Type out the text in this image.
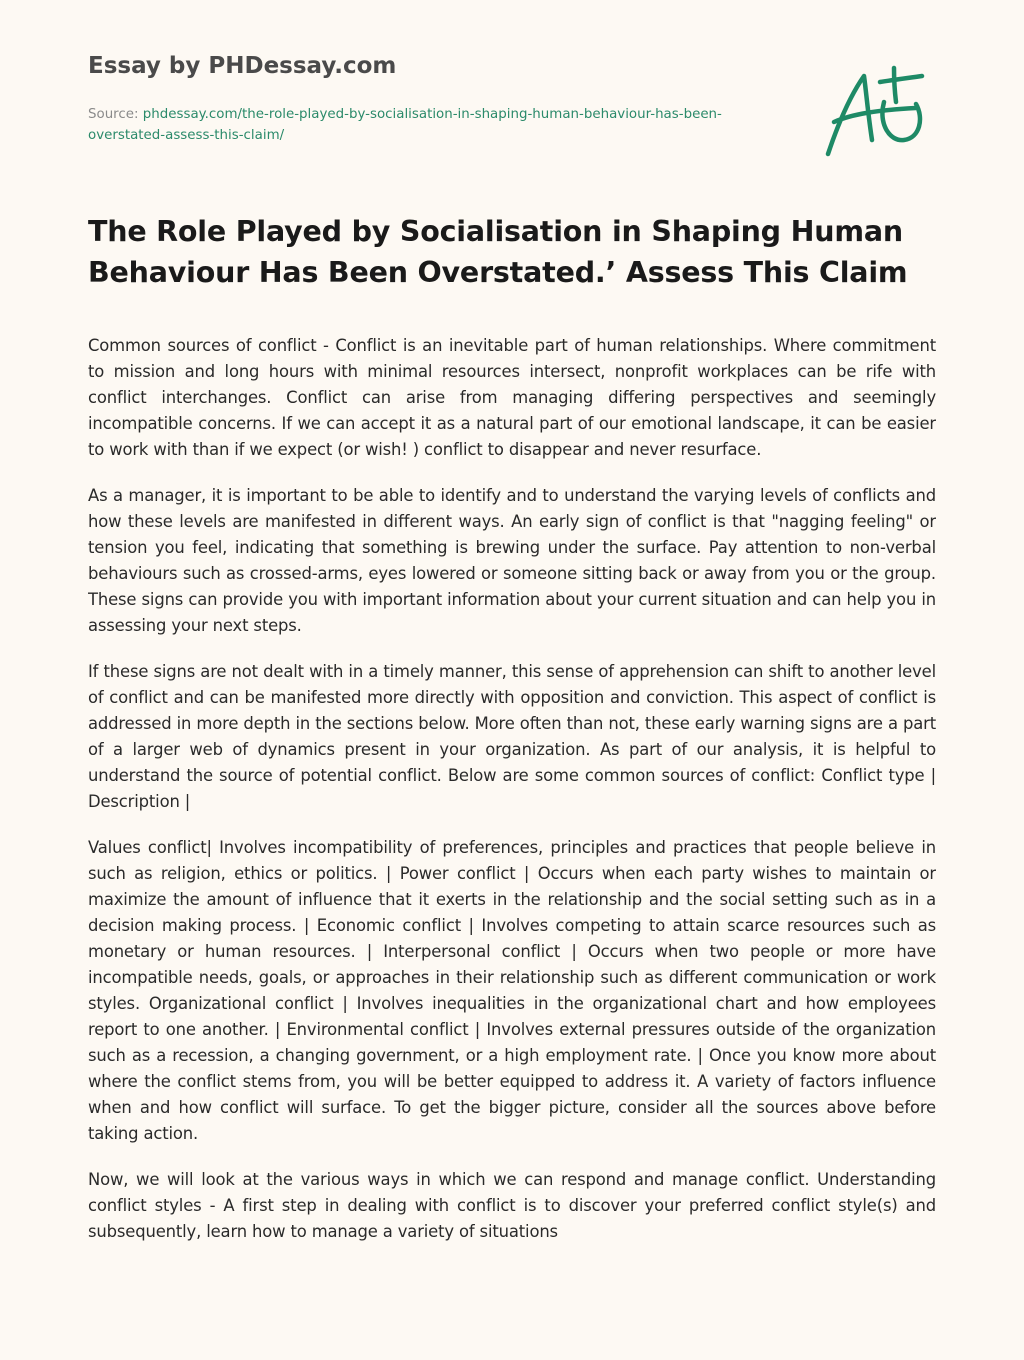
Essay by PHDessay.com
Source: phdessay.com/the-role-played-by-socialisation-in-shaping-human-behaviour-has-been-overstated-assess-this-claim/
The Role Played by Socialisation in Shaping Human Behaviour Has Been Overstated.’ Assess This Claim

Common sources of conflict - Conflict is an inevitable part of human relationships. Where commitment to mission and long hours with minimal resources intersect, nonprofit workplaces can be rife with conflict interchanges. Conflict can arise from managing differing perspectives and seemingly incompatible concerns. If we can accept it as a natural part of our emotional landscape, it can be easier to work with than if we expect (or wish! ) conflict to disappear and never resurface.

As a manager, it is important to be able to identify and to understand the varying levels of conflicts and how these levels are manifested in different ways. An early sign of conflict is that "nagging feeling" or tension you feel, indicating that something is brewing under the surface. Pay attention to non-verbal behaviours such as crossed-arms, eyes lowered or someone sitting back or away from you or the group. These signs can provide you with important information about your current situation and can help you in assessing your next steps.

If these signs are not dealt with in a timely manner, this sense of apprehension can shift to another level of conflict and can be manifested more directly with opposition and conviction. This aspect of conflict is addressed in more depth in the sections below. More often than not, these early warning signs are a part of a larger web of dynamics present in your organization. As part of our analysis, it is helpful to understand the source of potential conflict. Below are some common sources of conflict: Conflict type | Description |

Values conflict| Involves incompatibility of preferences, principles and practices that people believe in such as religion, ethics or politics. | Power conflict | Occurs when each party wishes to maintain or maximize the amount of influence that it exerts in the relationship and the social setting such as in a decision making process. | Economic conflict | Involves competing to attain scarce resources such as monetary or human resources. | Interpersonal conflict | Occurs when two people or more have incompatible needs, goals, or approaches in their relationship such as different communication or work styles. Organizational conflict | Involves inequalities in the organizational chart and how employees report to one another. | Environmental conflict | Involves external pressures outside of the organization such as a recession, a changing government, or a high employment rate. | Once you know more about where the conflict stems from, you will be better equipped to address it. A variety of factors influence when and how conflict will surface. To get the bigger picture, consider all the sources above before taking action.

Now, we will look at the various ways in which we can respond and manage conflict. Understanding conflict styles - A first step in dealing with conflict is to discover your preferred conflict style(s) and subsequently, learn how to manage a variety of situations
